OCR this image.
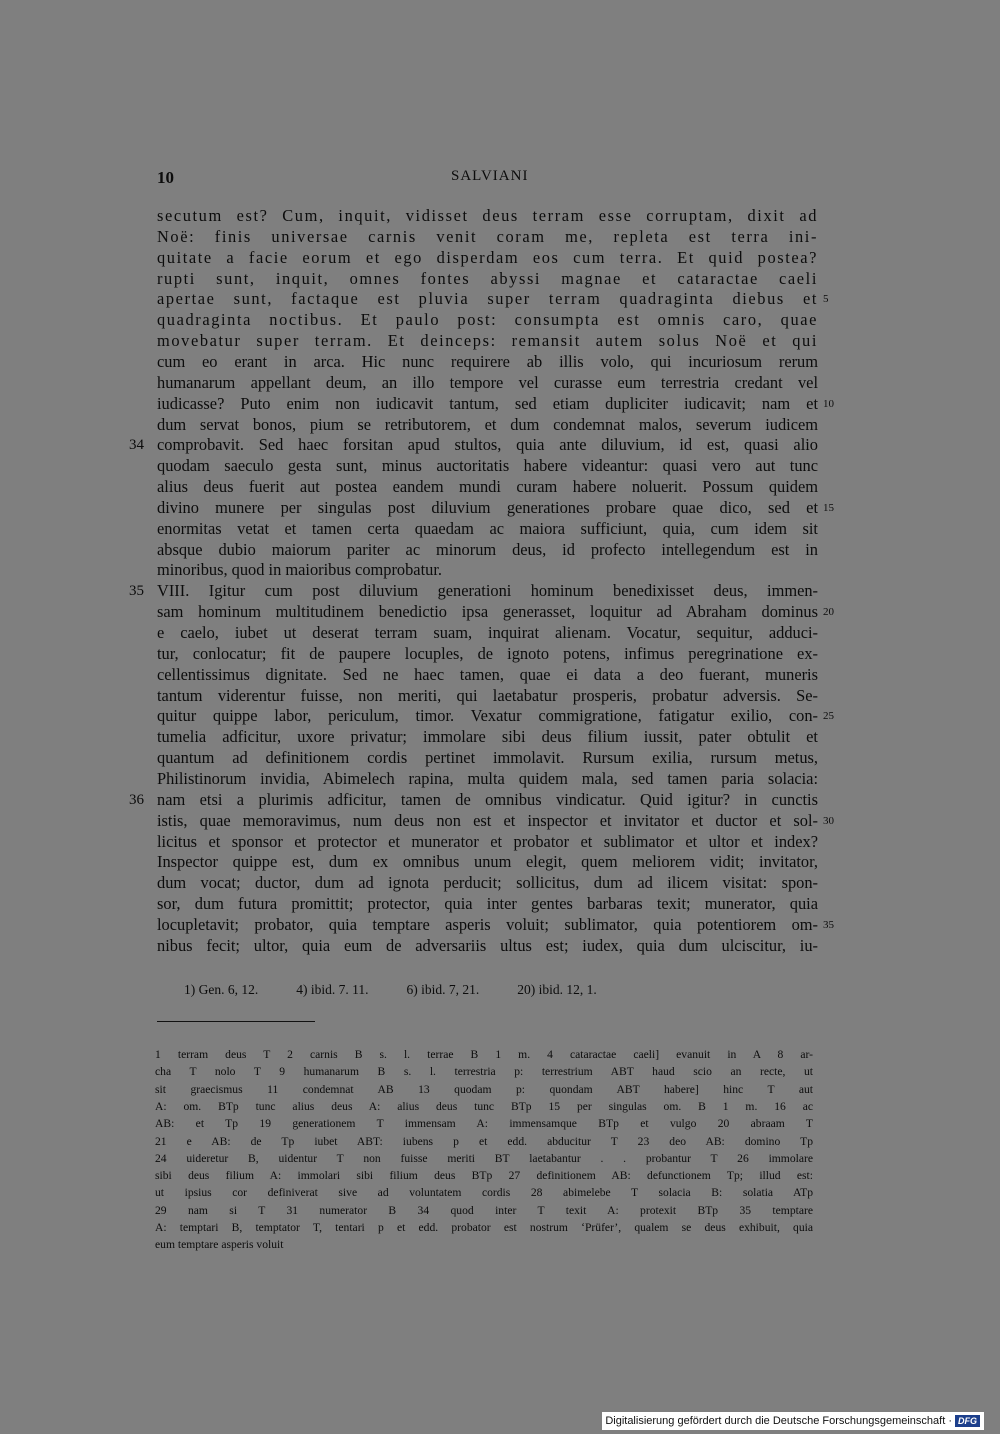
10	SALVIANI
secutum est? Cum, inquit, vidisset deus terram esse corruptam, dixit ad
Noë: finis universae carnis venit coram me, repleta est terra ini-
quitate a facie eorum et ego disperdam eos cum terra. Et quid postea?
rupti sunt, inquit, omnes fontes abyssi magnae et cataractae caeli
apertae sunt, factaque est pluvia super terram quadraginta diebus et
quadraginta noctibus. Et paulo post: consumpta est omnis caro, quae
movebatur super terram. Et deinceps: remansit autem solus Noë et qui
cum eo erant in arca. Hic nunc requirere ab illis volo, qui incuriosum rerum
humanarum appellant deum, an illo tempore vel curasse eum terrestria credant vel
iudicasse? Puto enim non iudicavit tantum, sed etiam dupliciter iudicavit; nam et
dum servat bonos, pium se retributorem, et dum condemnat malos, severum iudicem
comprobavit. Sed haec forsitan apud stultos, quia ante diluvium, id est, quasi alio
quodam saeculo gesta sunt, minus auctoritatis habere videantur: quasi vero aut tunc
alius deus fuerit aut postea eandem mundi curam habere noluerit. Possum quidem
divino munere per singulas post diluvium generationes probare quae dico, sed et
enormitas vetat et tamen certa quaedam ac maiora sufficiunt, quia, cum idem sit
absque dubio maiorum pariter ac minorum deus, id profecto intellegendum est in
minoribus, quod in maioribus comprobatur.
VIII. Igitur cum post diluvium generationi hominum benedixisset deus, immen-
sam hominum multitudinem benedictio ipsa generasset, loquitur ad Abraham dominus
e caelo, iubet ut deserat terram suam, inquirat alienam. Vocatur, sequitur, adduci-
tur, conlocatur; fit de paupere locuples, de ignoto potens, infimus peregrinatione ex-
cellentissimus dignitate. Sed ne haec tamen, quae ei data a deo fuerant, muneris
tantum viderentur fuisse, non meriti, qui laetabatur prosperis, probatur adversis. Se-
quitur quippe labor, periculum, timor. Vexatur commigratione, fatigatur exilio, con-
tumelia adficitur, uxore privatur; immolare sibi deus filium iussit, pater obtulit et
quantum ad definitionem cordis pertinet immolavit. Rursum exilia, rursum metus,
Philistinorum invidia, Abimelech rapina, multa quidem mala, sed tamen paria solacia:
nam etsi a plurimis adficitur, tamen de omnibus vindicatur. Quid igitur? in cunctis
istis, quae memoravimus, num deus non est et inspector et invitator et ductor et sol-
licitus et sponsor et protector et munerator et probator et sublimator et ultor et index?
Inspector quippe est, dum ex omnibus unum elegit, quem meliorem vidit; invitator,
dum vocat; ductor, dum ad ignota perducit; sollicitus, dum ad ilicem visitat: spon-
sor, dum futura promittit; protector, quia inter gentes barbaras texit; munerator, quia
locupletavit; probator, quia temptare asperis voluit; sublimator, quia potentiorem om-
nibus fecit; ultor, quia eum de adversariis ultus est; iudex, quia dum ulciscitur, iu-
34
35
36
5
10
15
20
25
30
35
1) Gen. 6, 12.	4) ibid. 7. 11.	6) ibid. 7, 21.	20) ibid. 12, 1.
1 terram deus T 2 carnis B s. l. terrae B 1 m. 4 cataractae caeli] evanuit in A 8 ar-
cha T nolo T 9 humanarum B s. l. terrestria p: terrestrium ABT haud scio an recte, ut
sit graecismus 11 condemnat AB 13 quodam p: quondam ABT habere] hinc T aut
A: om. BTp tunc alius deus A: alius deus tunc BTp 15 per singulas om. B 1 m. 16 ac
AB: et Tp 19 generationem T immensam A: immensamque BTp et vulgo 20 abraam T
21 e AB: de Tp iubet ABT: iubens p et edd. abducitur T 23 deo AB: domino Tp
24 uideretur B, uidentur T non fuisse meriti BT laetabantur . . probantur T 26 immolare
sibi deus filium A: immolari sibi filium deus BTp 27 definitionem AB: defunctionem Tp; illud est:
ut ipsius cor definiverat sive ad voluntatem cordis 28 abimelebe T solacia B: solatia ATp
29 nam si T 31 numerator B 34 quod inter T texit A: protexit BTp 35 temptare
A: temptari B, temptator T, tentari p et edd. probator est nostrum ‘Prüfer’, qualem se deus exhibuit, quia
eum temptare asperis voluit
Digitalisierung gefördert durch die Deutsche Forschungsgemeinschaft · DFG
